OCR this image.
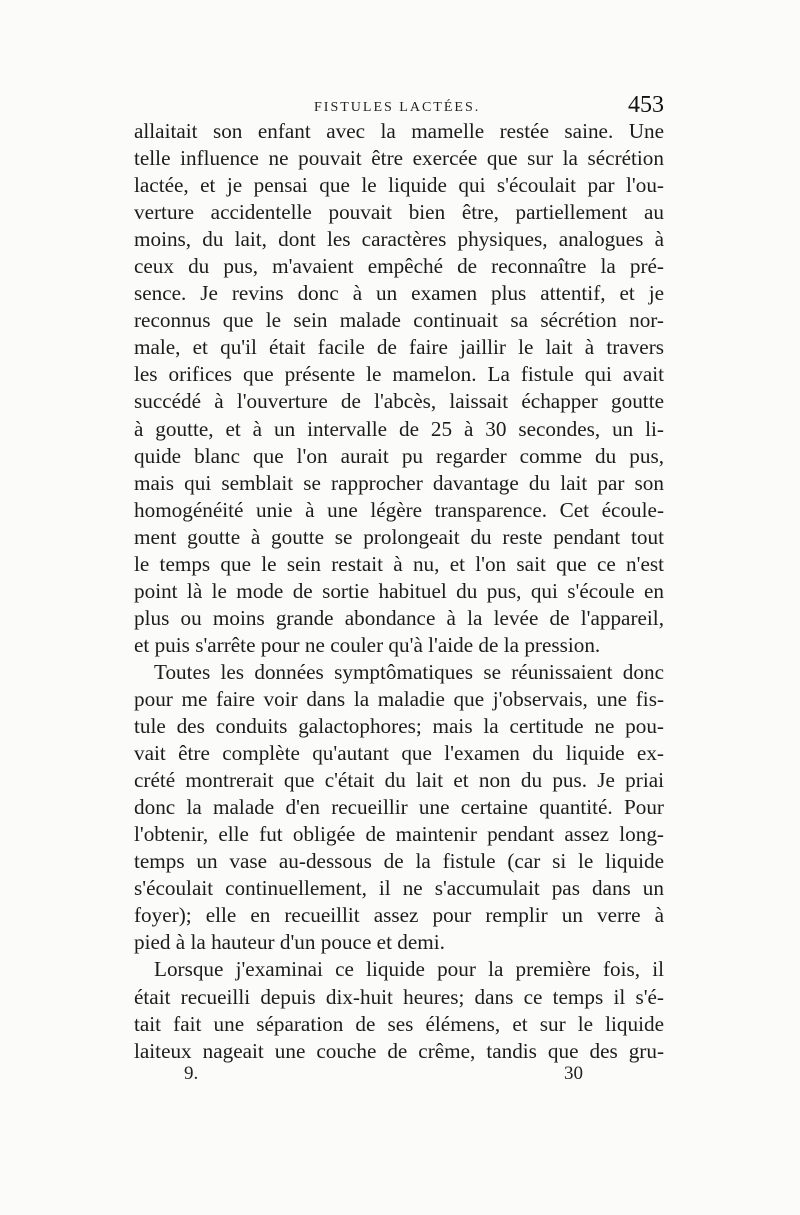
FISTULES LACTÉES.	453
allaitait son enfant avec la mamelle restée saine. Une
telle influence ne pouvait être exercée que sur la sécrétion
lactée, et je pensai que le liquide qui s'écoulait par l'ou-
verture accidentelle pouvait bien être, partiellement au
moins, du lait, dont les caractères physiques, analogues à
ceux du pus, m'avaient empêché de reconnaître la pré-
sence. Je revins donc à un examen plus attentif, et je
reconnus que le sein malade continuait sa sécrétion nor-
male, et qu'il était facile de faire jaillir le lait à travers
les orifices que présente le mamelon. La fistule qui avait
succédé à l'ouverture de l'abcès, laissait échapper goutte
à goutte, et à un intervalle de 25 à 30 secondes, un li-
quide blanc que l'on aurait pu regarder comme du pus,
mais qui semblait se rapprocher davantage du lait par son
homogénéité unie à une légère transparence. Cet écoule-
ment goutte à goutte se prolongeait du reste pendant tout
le temps que le sein restait à nu, et l'on sait que ce n'est
point là le mode de sortie habituel du pus, qui s'écoule en
plus ou moins grande abondance à la levée de l'appareil,
et puis s'arrête pour ne couler qu'à l'aide de la pression.
Toutes les données symptômatiques se réunissaient donc
pour me faire voir dans la maladie que j'observais, une fis-
tule des conduits galactophores; mais la certitude ne pou-
vait être complète qu'autant que l'examen du liquide ex-
crété montrerait que c'était du lait et non du pus. Je priai
donc la malade d'en recueillir une certaine quantité. Pour
l'obtenir, elle fut obligée de maintenir pendant assez long-
temps un vase au-dessous de la fistule (car si le liquide
s'écoulait continuellement, il ne s'accumulait pas dans un
foyer); elle en recueillit assez pour remplir un verre à
pied à la hauteur d'un pouce et demi.
Lorsque j'examinai ce liquide pour la première fois, il
était recueilli depuis dix-huit heures; dans ce temps il s'é-
tait fait une séparation de ses élémens, et sur le liquide
laiteux nageait une couche de crême, tandis que des gru-
9.	30
